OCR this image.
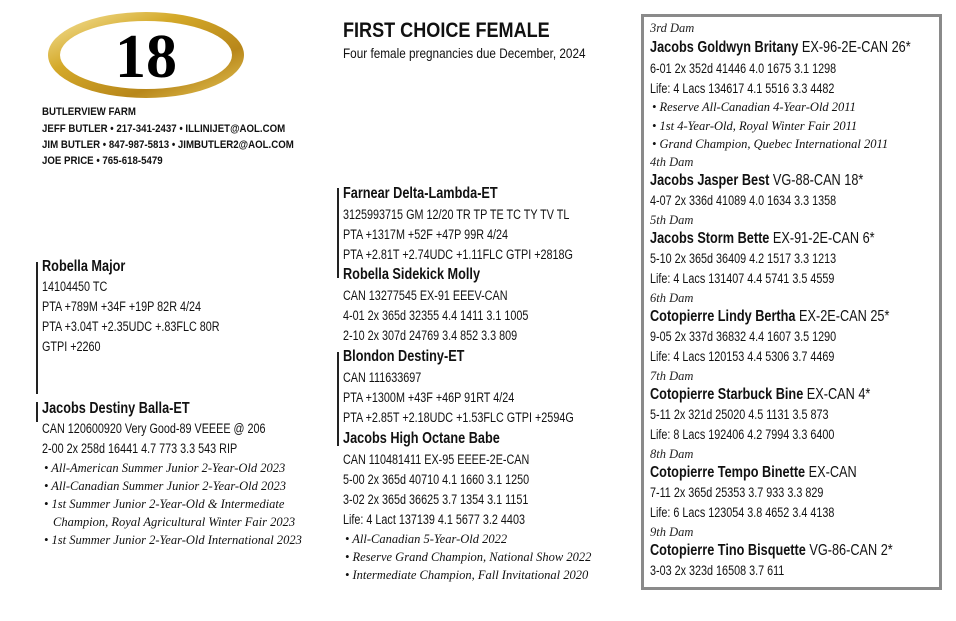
18
BUTLERVIEW FARM
JEFF BUTLER • 217-341-2437 • ILLINIJET@AOL.COM
JIM BUTLER • 847-987-5813 • JIMBUTLER2@AOL.COM
JOE PRICE • 765-618-5479
FIRST CHOICE FEMALE
Four female pregnancies due December, 2024
Robella Major
14104450 TC
PTA +789M +34F +19P 82R 4/24
PTA +3.04T +2.35UDC +.83FLC 80R
GTPI +2260
Jacobs Destiny Balla-ET
CAN 120600920 Very Good-89 VEEEE @ 206
2-00 2x 258d 16441 4.7 773 3.3 543 RIP
• All-American Summer Junior 2-Year-Old 2023
• All-Canadian Summer Junior 2-Year-Old 2023
• 1st Summer Junior 2-Year-Old & Intermediate
Champion, Royal Agricultural Winter Fair 2023
• 1st Summer Junior 2-Year-Old International 2023
Farnear Delta-Lambda-ET
3125993715 GM 12/20 TR TP TE TC TY TV TL
PTA +1317M +52F +47P 99R 4/24
PTA +2.81T +2.74UDC +1.11FLC GTPI +2818G
Robella Sidekick Molly
CAN 13277545 EX-91 EEEV-CAN
4-01 2x 365d 32355 4.4 1411 3.1 1005
2-10 2x 307d 24769 3.4 852 3.3 809
Blondon Destiny-ET
CAN 111633697
PTA +1300M +43F +46P 91RT 4/24
PTA +2.85T +2.18UDC +1.53FLC GTPI +2594G
Jacobs High Octane Babe
CAN 110481411 EX-95 EEEE-2E-CAN
5-00 2x 365d 40710 4.1 1660 3.1 1250
3-02 2x 365d 36625 3.7 1354 3.1 1151
Life: 4 Lact 137139 4.1 5677 3.2 4403
• All-Canadian 5-Year-Old 2022
• Reserve Grand Champion, National Show 2022
• Intermediate Champion, Fall Invitational 2020
3rd Dam
Jacobs Goldwyn Britany EX-96-2E-CAN 26*
6-01 2x 352d 41446 4.0 1675 3.1 1298
Life: 4 Lacs 134617 4.1 5516 3.3 4482
• Reserve All-Canadian 4-Year-Old 2011
• 1st 4-Year-Old, Royal Winter Fair 2011
• Grand Champion, Quebec International 2011
4th Dam
Jacobs Jasper Best VG-88-CAN 18*
4-07 2x 336d 41089 4.0 1634 3.3 1358
5th Dam
Jacobs Storm Bette EX-91-2E-CAN 6*
5-10 2x 365d 36409 4.2 1517 3.3 1213
Life: 4 Lacs 131407 4.4 5741 3.5 4559
6th Dam
Cotopierre Lindy Bertha EX-2E-CAN 25*
9-05 2x 337d 36832 4.4 1607 3.5 1290
Life: 4 Lacs 120153 4.4 5306 3.7 4469
7th Dam
Cotopierre Starbuck Bine EX-CAN 4*
5-11 2x 321d 25020 4.5 1131 3.5 873
Life: 8 Lacs 192406 4.2 7994 3.3 6400
8th Dam
Cotopierre Tempo Binette EX-CAN
7-11 2x 365d 25353 3.7 933 3.3 829
Life: 6 Lacs 123054 3.8 4652 3.4 4138
9th Dam
Cotopierre Tino Bisquette VG-86-CAN 2*
3-03 2x 323d 16508 3.7 611
